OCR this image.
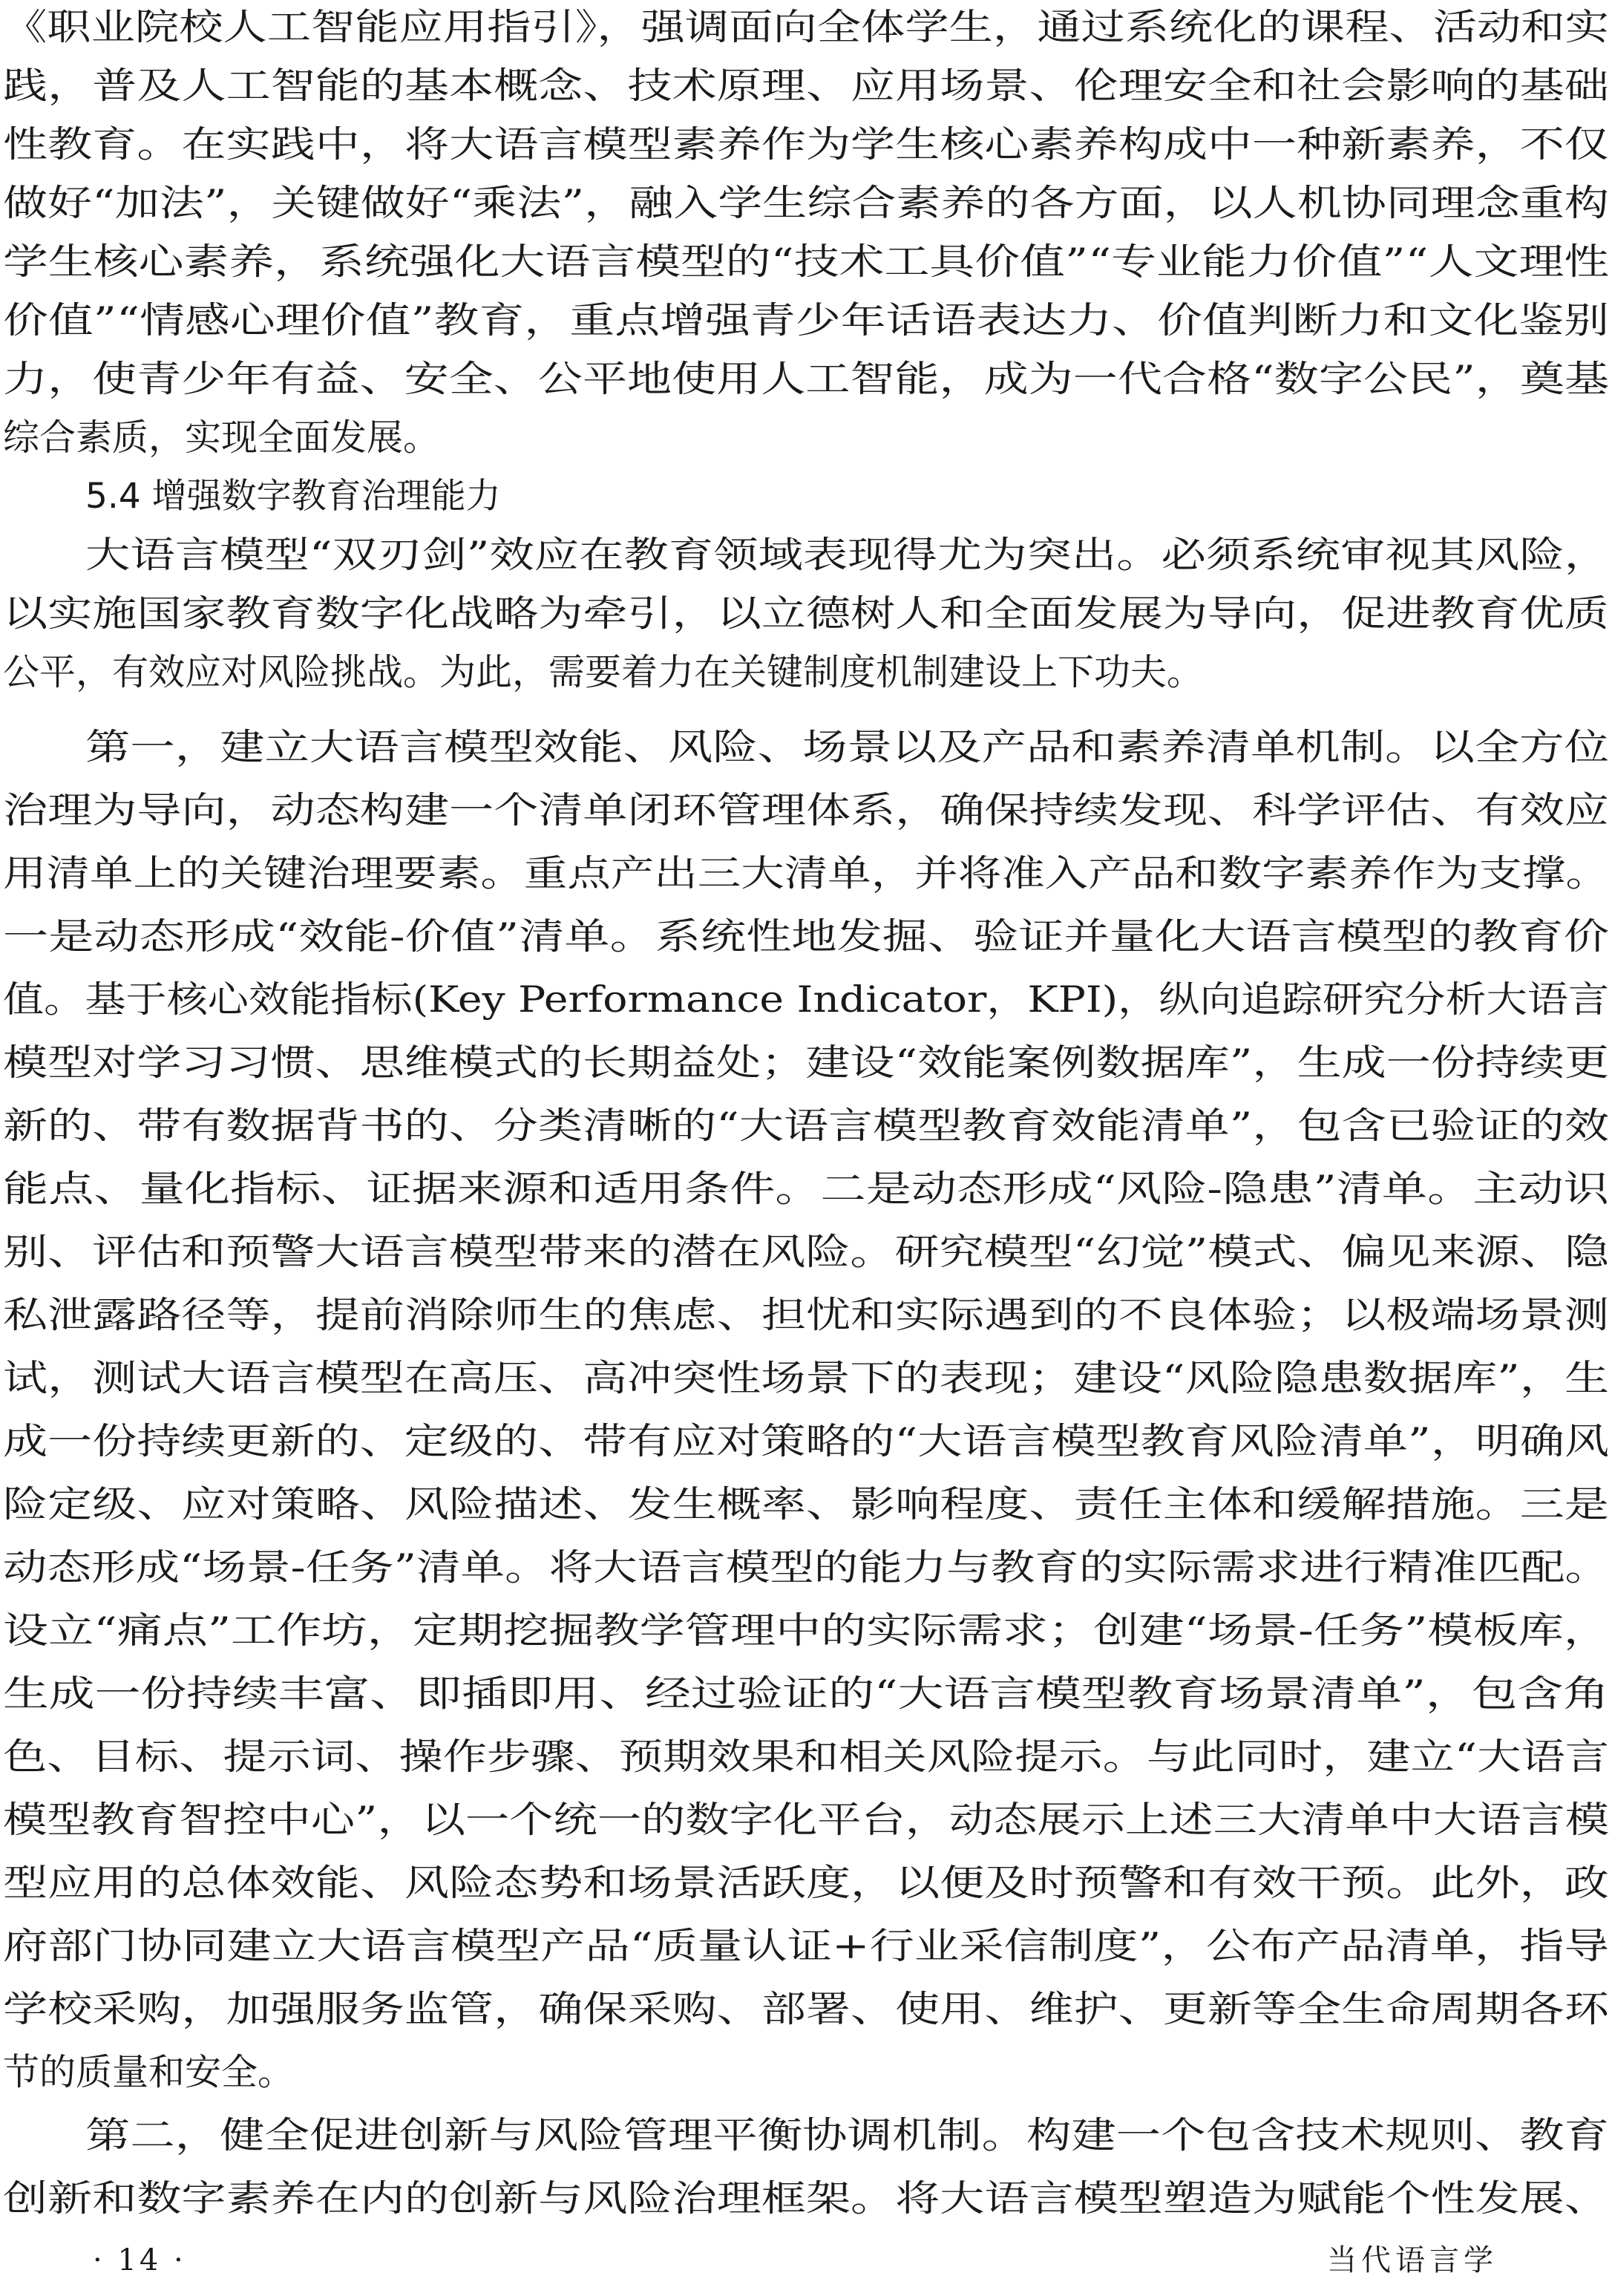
《职业院校人工智能应用指引》，强调面向全体学生，通过系统化的课程、活动和实
践，普及人工智能的基本概念、技术原理、应用场景、伦理安全和社会影响的基础
性教育。在实践中，将大语言模型素养作为学生核心素养构成中一种新素养，不仅
做好“加法”，关键做好“乘法”，融入学生综合素养的各方面，以人机协同理念重构
学生核心素养，系统强化大语言模型的“技术工具价值”“专业能力价值”“人文理性
价值”“情感心理价值”教育，重点增强青少年话语表达力、价值判断力和文化鉴别
力，使青少年有益、安全、公平地使用人工智能，成为一代合格“数字公民”，奠基
综合素质，实现全面发展。
5.4 增强数字教育治理能力
大语言模型“双刃剑”效应在教育领域表现得尤为突出。必须系统审视其风险，
以实施国家教育数字化战略为牵引，以立德树人和全面发展为导向，促进教育优质
公平，有效应对风险挑战。为此，需要着力在关键制度机制建设上下功夫。
第一，建立大语言模型效能、风险、场景以及产品和素养清单机制。以全方位
治理为导向，动态构建一个清单闭环管理体系，确保持续发现、科学评估、有效应
用清单上的关键治理要素。重点产出三大清单，并将准入产品和数字素养作为支撑。
一是动态形成“效能-价值”清单。系统性地发掘、验证并量化大语言模型的教育价
值。基于核心效能指标(Key Performance Indicator，KPI)，纵向追踪研究分析大语言
模型对学习习惯、思维模式的长期益处；建设“效能案例数据库”，生成一份持续更
新的、带有数据背书的、分类清晰的“大语言模型教育效能清单”，包含已验证的效
能点、量化指标、证据来源和适用条件。二是动态形成“风险-隐患”清单。主动识
别、评估和预警大语言模型带来的潜在风险。研究模型“幻觉”模式、偏见来源、隐
私泄露路径等，提前消除师生的焦虑、担忧和实际遇到的不良体验；以极端场景测
试，测试大语言模型在高压、高冲突性场景下的表现；建设“风险隐患数据库”，生
成一份持续更新的、定级的、带有应对策略的“大语言模型教育风险清单”，明确风
险定级、应对策略、风险描述、发生概率、影响程度、责任主体和缓解措施。三是
动态形成“场景-任务”清单。将大语言模型的能力与教育的实际需求进行精准匹配。
设立“痛点”工作坊，定期挖掘教学管理中的实际需求；创建“场景-任务”模板库，
生成一份持续丰富、即插即用、经过验证的“大语言模型教育场景清单”，包含角
色、目标、提示词、操作步骤、预期效果和相关风险提示。与此同时，建立“大语言
模型教育智控中心”，以一个统一的数字化平台，动态展示上述三大清单中大语言模
型应用的总体效能、风险态势和场景活跃度，以便及时预警和有效干预。此外，政
府部门协同建立大语言模型产品“质量认证+行业采信制度”，公布产品清单，指导
学校采购，加强服务监管，确保采购、部署、使用、维护、更新等全生命周期各环
节的质量和安全。
第二，健全促进创新与风险管理平衡协调机制。构建一个包含技术规则、教育
创新和数字素养在内的创新与风险治理框架。将大语言模型塑造为赋能个性发展、
· 14 ·	当代语言学
